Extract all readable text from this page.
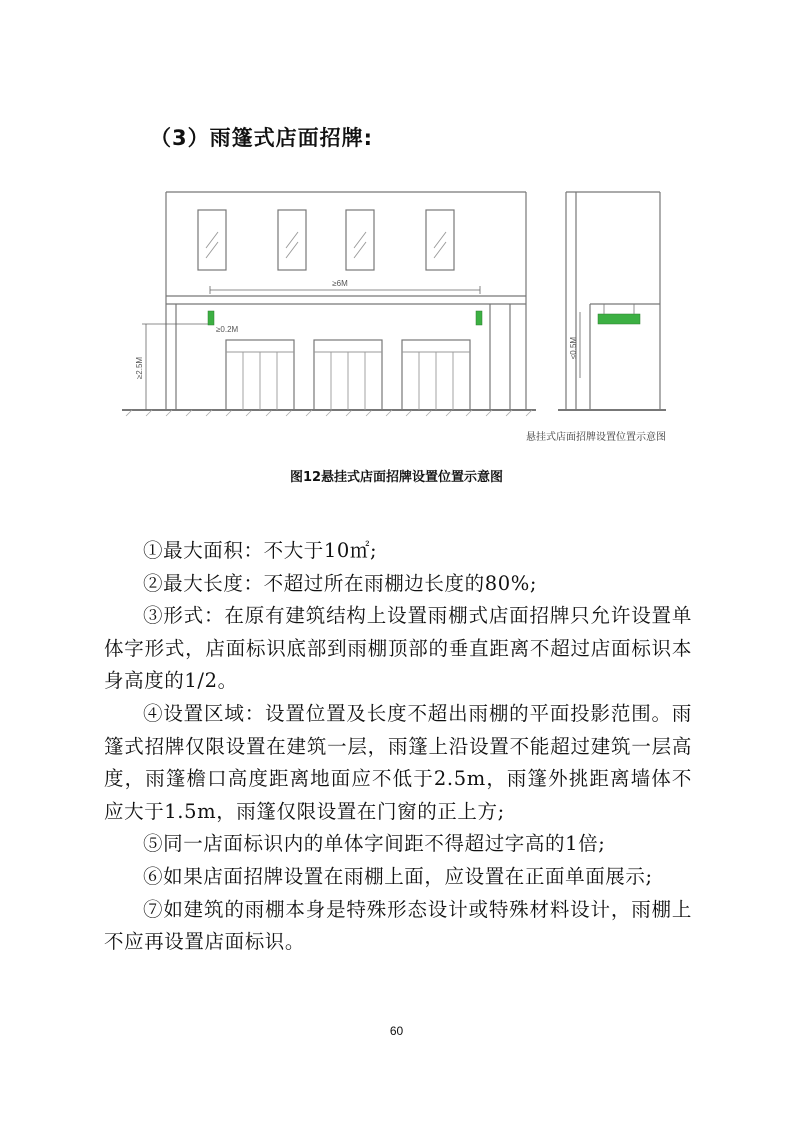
（3）雨篷式店面招牌:
≥6M
≥0.2M
≥2.5M
≤0.5M
悬挂式店面招牌设置位置示意图
图12悬挂式店面招牌设置位置示意图

①最大面积：不大于10㎡;

②最大长度：不超过所在雨棚边长度的80%;

③形式：在原有建筑结构上设置雨棚式店面招牌只允许设置单体字形式，店面标识底部到雨棚顶部的垂直距离不超过店面标识本身高度的1/2。

④设置区域：设置位置及长度不超出雨棚的平面投影范围。雨篷式招牌仅限设置在建筑一层，雨篷上沿设置不能超过建筑一层高度，雨篷檐口高度距离地面应不低于2.5m，雨篷外挑距离墙体不应大于1.5m，雨篷仅限设置在门窗的正上方;

⑤同一店面标识内的单体字间距不得超过字高的1倍;

⑥如果店面招牌设置在雨棚上面，应设置在正面单面展示;

⑦如建筑的雨棚本身是特殊形态设计或特殊材料设计，雨棚上不应再设置店面标识。

60
